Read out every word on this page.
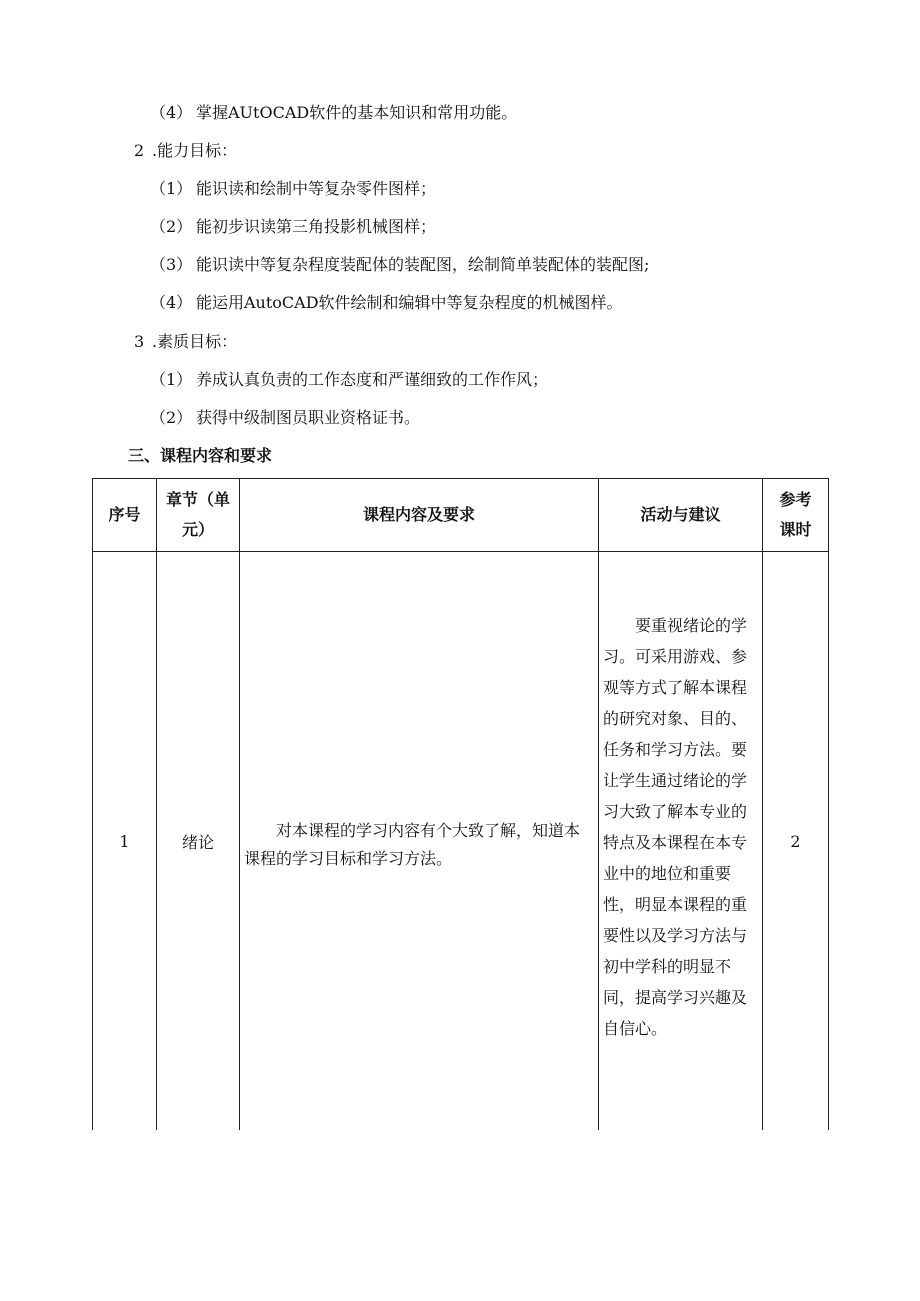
（4） 掌握AUtOCAD软件的基本知识和常用功能。
2 .能力目标：
（1） 能识读和绘制中等复杂零件图样；
（2） 能初步识读第三角投影机械图样；
（3） 能识读中等复杂程度装配体的装配图，绘制简单装配体的装配图;
（4） 能运用AutoCAD软件绘制和编辑中等复杂程度的机械图样。
3 .素质目标：
（1） 养成认真负责的工作态度和严谨细致的工作作风；
（2） 获得中级制图员职业资格证书。
三、课程内容和要求
序号	章节（单元）	课程内容及要求	活动与建议	参考课时
1	绪论	对本课程的学习内容有个大致了解，知道本课程的学习目标和学习方法。	要重视绪论的学习。可采用游戏、参观等方式了解本课程的研究对象、目的、任务和学习方法。要让学生通过绪论的学习大致了解本专业的特点及本课程在本专业中的地位和重要性，明显本课程的重要性以及学习方法与初中学科的明显不同，提高学习兴趣及自信心。	2
